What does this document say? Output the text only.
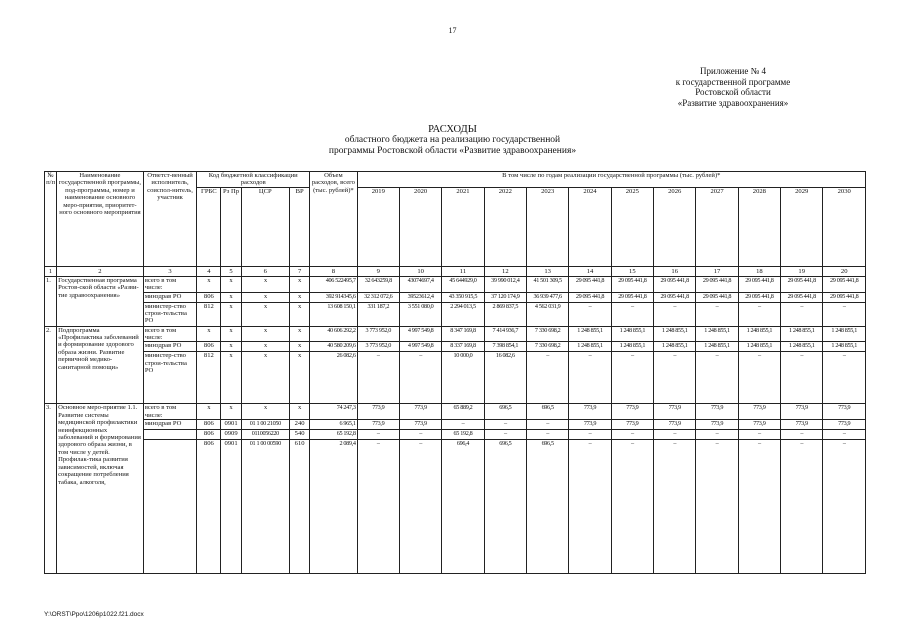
17
Приложение № 4
к государственной программе
Ростовской области
«Развитие здравоохранения»
РАСХОДЫ
областного бюджета на реализацию государственной
программы Ростовской области «Развитие здравоохранения»
№ п/п	Наименование государственной программы, под-программы, номер и наименование основного меро-приятия, приоритет-ного основного мероприятия	Ответст-венный исполнитель, соиспол-нитель, участник	Код бюджетной классификации расходов				Объем расходов, всего (тыс. рублей)*	В том числе по годам реализации государственной программы (тыс. рублей)*											
			ГРБС	Рз Пр	ЦСР	ВР		2019	2020	2021	2022	2023	2024	2025	2026	2027	2028	2029	2030

1	2	3	4	5	6	7	8	9	10	11	12	13	14	15	16	17	18	19	20
1.	Государственная программа Ростов-ской области «Разви-тие здравоохранения»	всего в том числе:	x	x	x	x	406 522495,7	32 643259,8	43074697,4	45 644929,0	39 990 012,4	41 501 309,5	29 095 441,8	29 095 441,8	29 095 441,8	29 095 441,8	29 095 441,8	29 095 441,8	29 095 441,8
		минздрав РО	806	x	x	x	392 914345,6	32 312 072,6	39523612,4	43 350 915,5	37 120 174,9	36 939 477,6	29 095 441,8	29 095 441,8	29 095 441,8	29 095 441,8	29 095 441,8	29 095 441,8	29 095 441,8
		министер-ство строи-тельства РО	812	x	x	x	13 608 150,1	331 187,2	3 551 080,0	2 294 013,5	2 869 837,5	4 562 031,9	–	–	–	–	–	–	–
2.	Подпрограмма «Профилактика заболеваний и формирование здорового образа жизни. Развитие первичной медико-санитарной помощи»	всего в том числе:	x	x	x	x	40 606 292,2	3 773 952,0	4 997 549,8	8 347 169,8	7 414 936,7	7 330 698,2	1 248 855,1	1 248 855,1	1 248 855,1	1 248 855,1	1 248 855,1	1 248 855,1	1 248 855,1
		минздрав РО	806	x	x	x	40 580 209,6	3 773 952,0	4 997 549,8	8 337 169,8	7 398 854,1	7 330 698,2	1 248 855,1	1 248 855,1	1 248 855,1	1 248 855,1	1 248 855,1	1 248 855,1	1 248 855,1
		министер-ство строи-тельства РО	812	x	x	x	26 082,6	–	–	10 000,0	16 082,6	–	–	–	–	–	–	–	–
3.	Основное меро-приятие 1.1. Развитие системы медицинской профилактики неинфекционных заболеваний и формирования здорового образа жизни, в том числе у детей. Профилак-тика развития зависимостей, включая сокращение потребления табака, алкоголя,	всего в том числе:	x	x	x	x	74 247,3	773,9	773,9	65 889,2	696,5	696,5	773,9	773,9	773,9	773,9	773,9	773,9	773,9
		минздрав РО	806	0901	01 1 00 21050	240	6 965,1	773,9	773,9	–	–	–	773,9	773,9	773,9	773,9	773,9	773,9	773,9
			806	0909	0110056220	540	65 192,8	–	–	65 192,8	–	–	–	–	–	–	–	–	–
			806	0901	01 1 00 00590	610	2 089,4	–	–	696,4	696,5	696,5	–	–	–	–	–	–	–
Y:\ORST\Ppo\1206p1022.f21.docx
